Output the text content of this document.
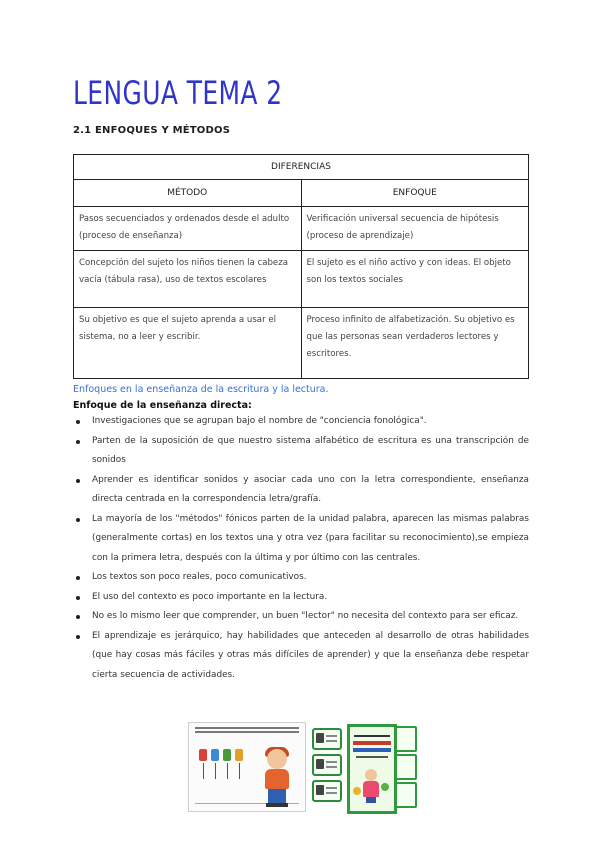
LENGUA TEMA 2
2.1 ENFOQUES Y MÉTODOS
DIFERENCIAS	
MÉTODO	ENFOQUE
Pasos secuenciados y ordenados desde el adulto (proceso de enseñanza)	Verificación universal secuencia de hipótesis (proceso de aprendizaje)
Concepción del sujeto los niños tienen la cabeza vacía (tábula rasa), uso de textos escolares	El sujeto es el niño activo y con ideas. El objeto son los textos sociales
Su objetivo es que el sujeto aprenda a usar el sistema, no a leer y escribir.	Proceso infinito de alfabetización. Su objetivo es que las personas sean verdaderos lectores y escritores.
Enfoques en la enseñanza de la escritura y la lectura.
Enfoque de la enseñanza directa:
Investigaciones que se agrupan bajo el nombre de "conciencia fonológica".
Parten de la suposición de que nuestro sistema alfabético de escritura es una transcripción de sonidos
Aprender es identificar sonidos y asociar cada uno con la letra correspondiente, enseñanza directa centrada en la correspondencia letra/grafía.
La mayoría de los "métodos" fónicos parten de la unidad palabra, aparecen las mismas palabras (generalmente cortas) en los textos una y otra vez (para facilitar su reconocimiento),se empieza con la primera letra, después con la última y por último con las centrales.
Los textos son poco reales, poco comunicativos.
El uso del contexto es poco importante en la lectura.
No es lo mismo leer que comprender, un buen "lector" no necesita del contexto para ser eficaz.
El aprendizaje es jerárquico, hay habilidades que anteceden al desarrollo de otras habilidades (que hay cosas más fáciles y otras más difíciles de aprender) y que la enseñanza debe respetar cierta secuencia de actividades.
